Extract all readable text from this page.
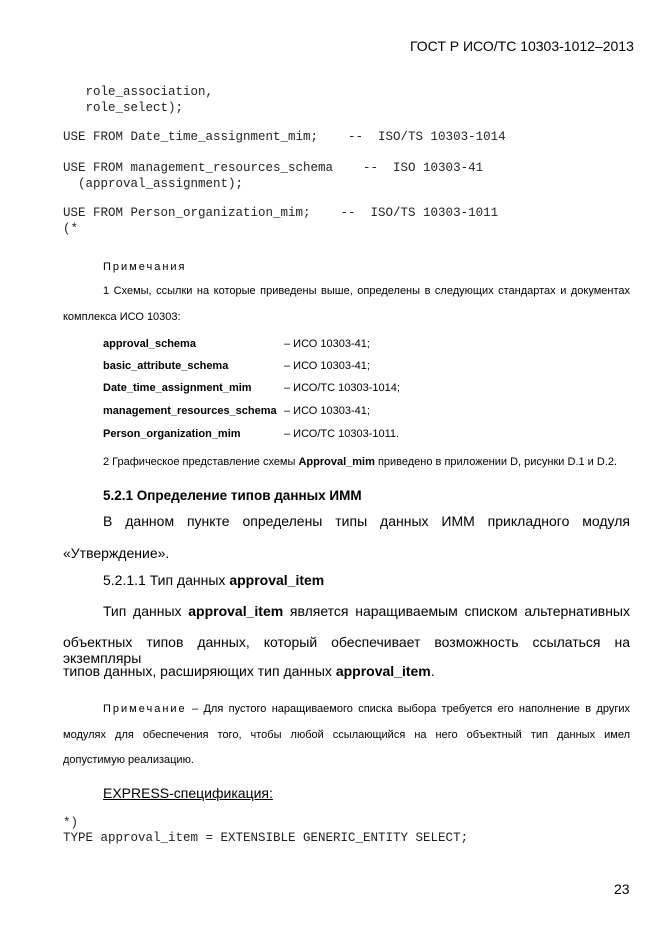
ГОСТ Р ИСО/ТС 10303-1012–2013
role_association,
role_select);
USE FROM Date_time_assignment_mim;    --  ISO/TS 10303-1014
USE FROM management_resources_schema    --  ISO 10303-41
(approval_assignment);
USE FROM Person_organization_mim;    --  ISO/TS 10303-1011
(*
Примечания
1 Схемы, ссылки на которые приведены выше, определены в следующих стандартах и документах
комплекса ИСО 10303:
approval_schema	– ИСО 10303-41;
basic_attribute_schema	– ИСО 10303-41;
Date_time_assignment_mim	– ИСО/ТС 10303-1014;
management_resources_schema – ИСО 10303-41;
Person_organization_mim	– ИСО/ТС 10303-1011.
2 Графическое представление схемы Approval_mim приведено в приложении D, рисунки D.1 и D.2.
5.2.1 Определение типов данных ИММ
В данном пункте определены типы данных ИММ прикладного модуля
«Утверждение».
5.2.1.1 Тип данных approval_item
Тип данных approval_item является наращиваемым списком альтернативных
объектных типов данных, который обеспечивает возможность ссылаться на экземпляры
типов данных, расширяющих тип данных approval_item.
Примечание – Для пустого наращиваемого списка выбора требуется его наполнение в других
модулях для обеспечения того, чтобы любой ссылающийся на него объектный тип данных имел
допустимую реализацию.
EXPRESS-спецификация:
*)
TYPE approval_item = EXTENSIBLE GENERIC_ENTITY SELECT;
23
